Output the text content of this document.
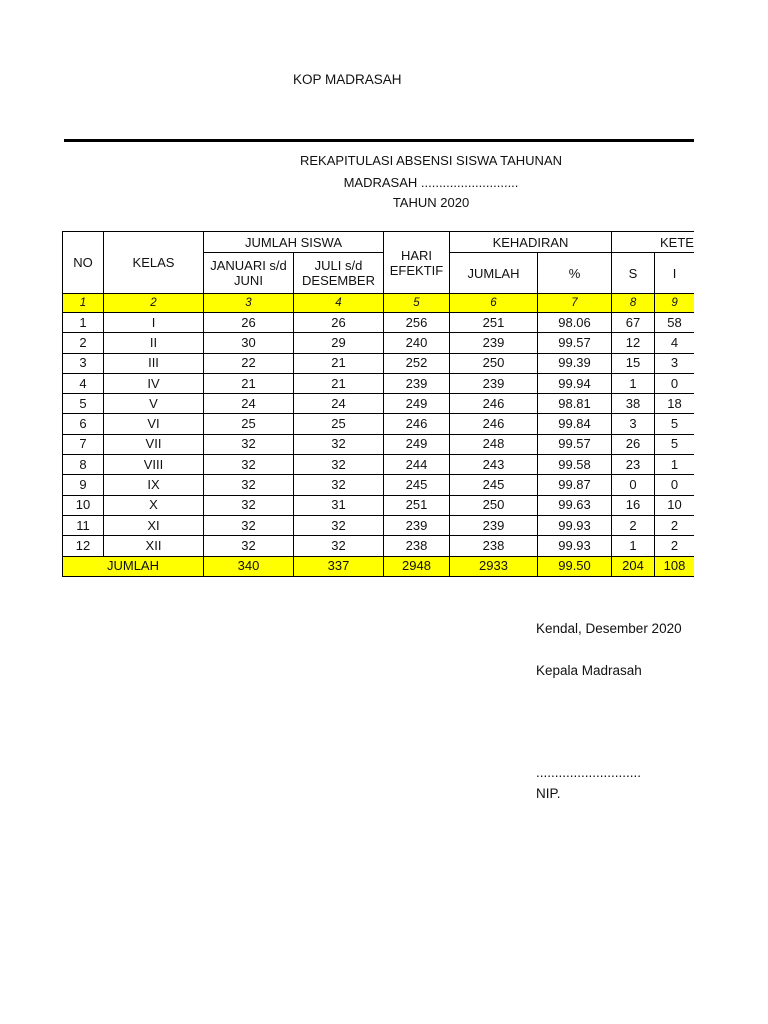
KOP MADRASAH
REKAPITULASI ABSENSI SISWA TAHUNAN
MADRASAH ...........................
TAHUN 2020
NO	KELAS	JUMLAH SISWA		HARI EFEKTIF	KEHADIRAN		KETE		
		JANUARI s/d JUNI	JULI s/d DESEMBER		JUMLAH	%	S	I	
1	2	3	4	5	6	7	8	9	
1	I	26	26	256	251	98.06	67	58	
2	II	30	29	240	239	99.57	12	4	
3	III	22	21	252	250	99.39	15	3	
4	IV	21	21	239	239	99.94	1	0	
5	V	24	24	249	246	98.81	38	18	
6	VI	25	25	246	246	99.84	3	5	
7	VII	32	32	249	248	99.57	26	5	
8	VIII	32	32	244	243	99.58	23	1	
9	IX	32	32	245	245	99.87	0	0	
10	X	32	31	251	250	99.63	16	10	
11	XI	32	32	239	239	99.93	2	2	
12	XII	32	32	238	238	99.93	1	2	
JUMLAH		340	337	2948	2933	99.50	204	108	
Kendal, Desember 2020
Kepala Madrasah
............................
NIP.
